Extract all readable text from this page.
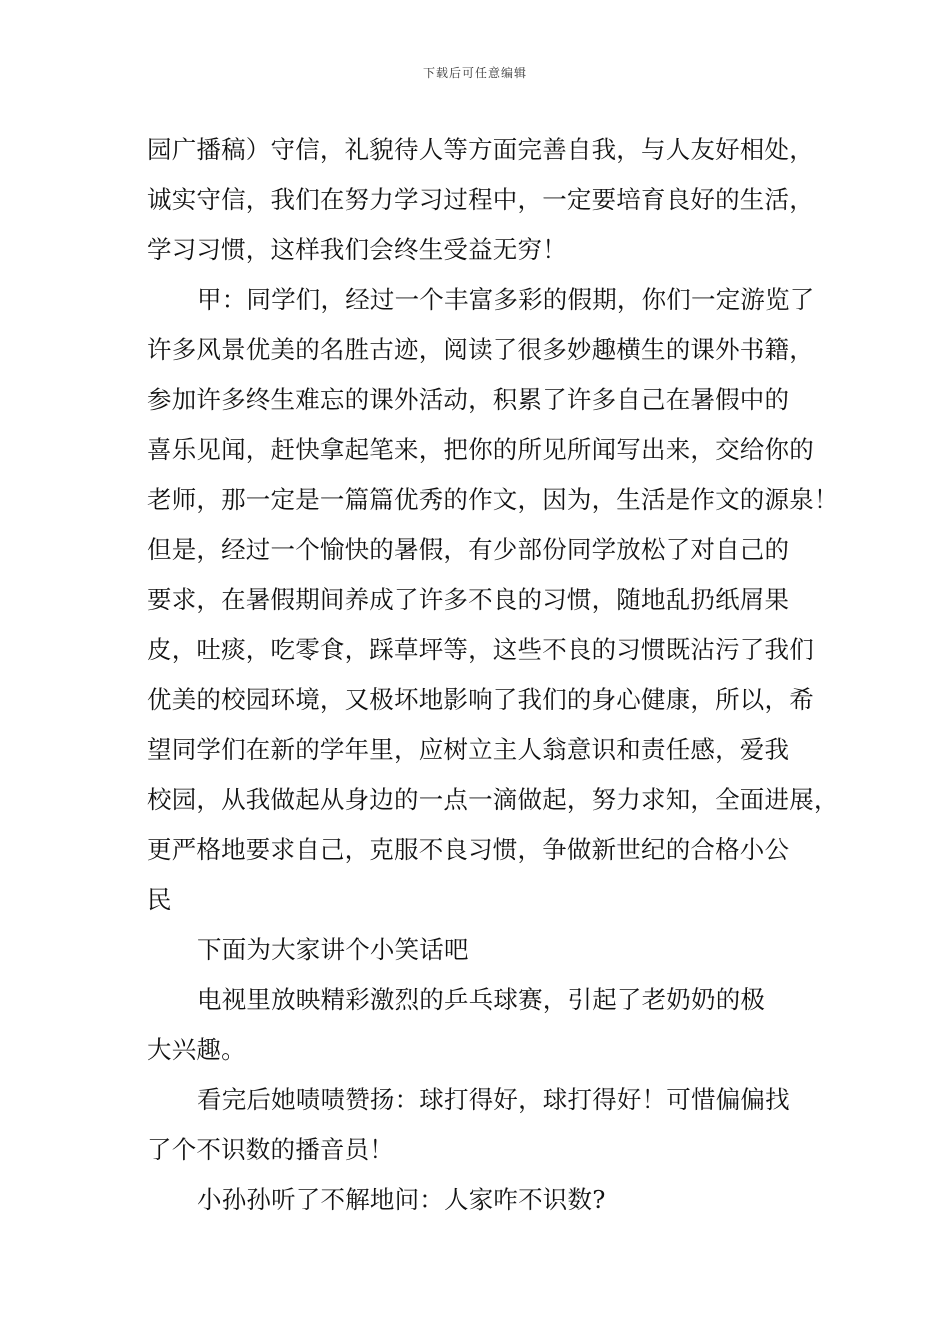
下载后可任意编辑
园广播稿）守信，礼貌待人等方面完善自我，与人友好相处，
诚实守信，我们在努力学习过程中，一定要培育良好的生活，
学习习惯，这样我们会终生受益无穷！
甲：同学们，经过一个丰富多彩的假期，你们一定游览了
许多风景优美的名胜古迹，阅读了很多妙趣横生的课外书籍，
参加许多终生难忘的课外活动，积累了许多自己在暑假中的
喜乐见闻，赶快拿起笔来，把你的所见所闻写出来，交给你的
老师，那一定是一篇篇优秀的作文，因为，生活是作文的源泉！
但是，经过一个愉快的暑假，有少部份同学放松了对自己的
要求，在暑假期间养成了许多不良的习惯，随地乱扔纸屑果
皮，吐痰，吃零食，踩草坪等，这些不良的习惯既沾污了我们
优美的校园环境，又极坏地影响了我们的身心健康，所以，希
望同学们在新的学年里，应树立主人翁意识和责任感，爱我
校园，从我做起从身边的一点一滴做起，努力求知，全面进展，
更严格地要求自己，克服不良习惯，争做新世纪的合格小公
民
下面为大家讲个小笑话吧
电视里放映精彩激烈的乒乓球赛，引起了老奶奶的极
大兴趣。
看完后她啧啧赞扬：球打得好，球打得好！可惜偏偏找
了个不识数的播音员！
小孙孙听了不解地问：人家咋不识数?
